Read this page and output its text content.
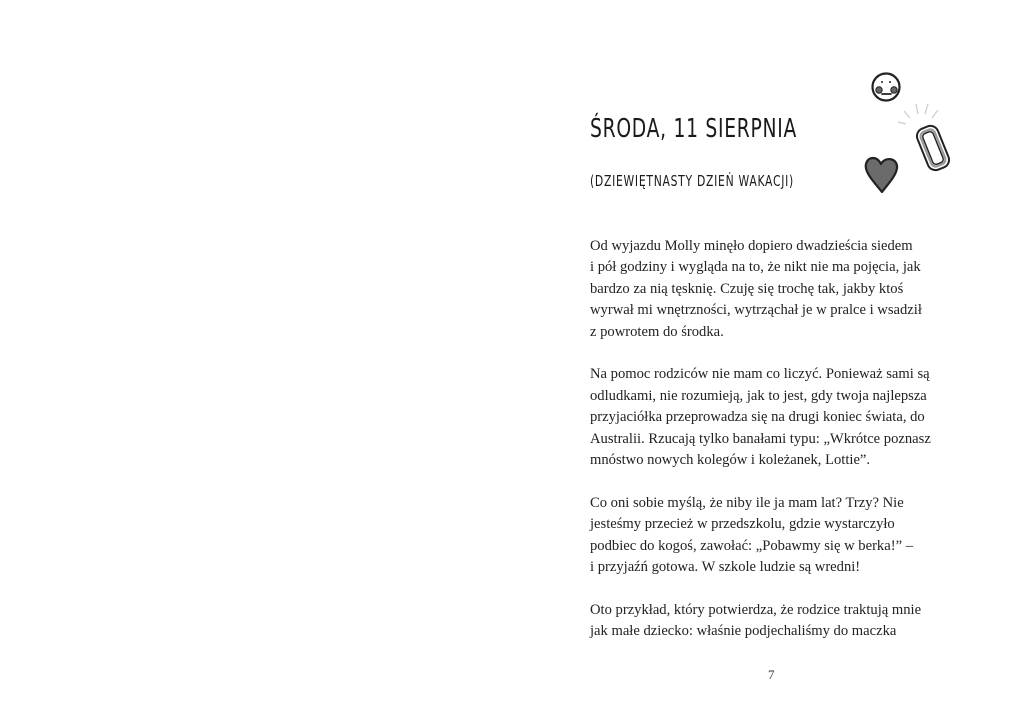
ŚRODA, 11 SIERPNIA
(DZIEWIĘTNASTY DZIEŃ WAKACJI)

Od wyjazdu Molly minęło dopiero dwadzieścia siedem
i pół godziny i wygląda na to, że nikt nie ma pojęcia, jak
bardzo za nią tęsknię. Czuję się trochę tak, jakby ktoś
wyrwał mi wnętrzności, wytrząchał je w pralce i wsadził
z powrotem do środka.

Na pomoc rodziców nie mam co liczyć. Ponieważ sami są
odludkami, nie rozumieją, jak to jest, gdy twoja najlepsza
przyjaciółka przeprowadza się na drugi koniec świata, do
Australii. Rzucają tylko banałami typu: „Wkrótce poznasz
mnóstwo nowych kolegów i koleżanek, Lottie”.

Co oni sobie myślą, że niby ile ja mam lat? Trzy? Nie
jesteśmy przecież w przedszkolu, gdzie wystarczyło
podbiec do kogoś, zawołać: „Pobawmy się w berka!” –
i przyjaźń gotowa. W szkole ludzie są wredni!

Oto przykład, który potwierdza, że rodzice traktują mnie
jak małe dziecko: właśnie podjechaliśmy do maczka

7
